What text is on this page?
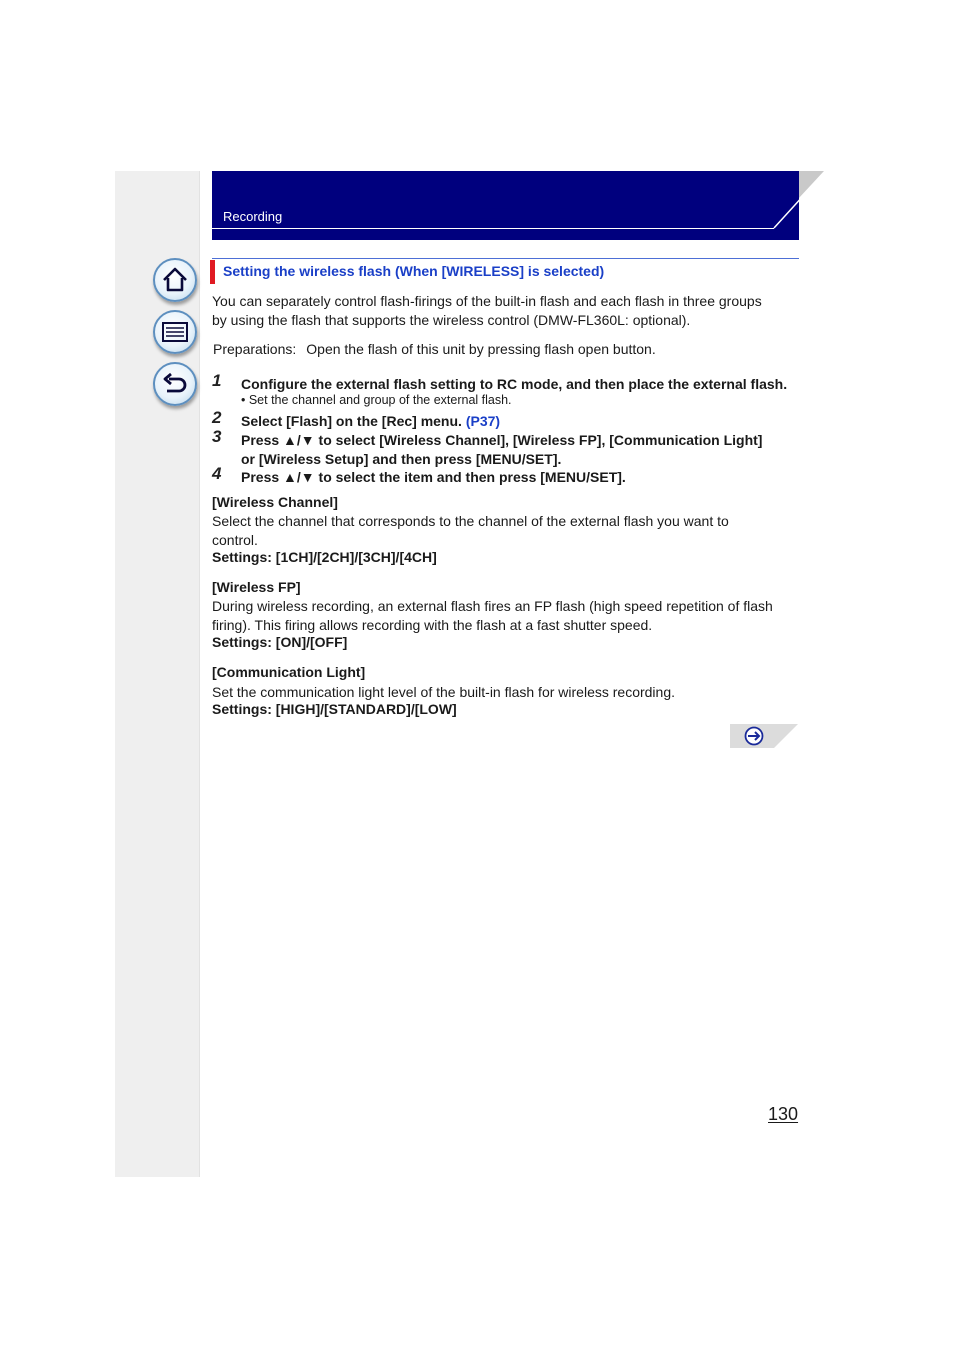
Recording
Setting the wireless flash (When [WIRELESS] is selected)
You can separately control flash-firings of the built-in flash and each flash in three groups
by using the flash that supports the wireless control (DMW-FL360L: optional).
Preparations: Open the flash of this unit by pressing flash open button.
1 Configure the external flash setting to RC mode, and then place the external flash.
• Set the channel and group of the external flash.
2 Select [Flash] on the [Rec] menu. (P37)
3 Press ▲/▼ to select [Wireless Channel], [Wireless FP], [Communication Light]
or [Wireless Setup] and then press [MENU/SET].
4 Press ▲/▼ to select the item and then press [MENU/SET].
[Wireless Channel]
Select the channel that corresponds to the channel of the external flash you want to
control.
Settings: [1CH]/[2CH]/[3CH]/[4CH]
[Wireless FP]
During wireless recording, an external flash fires an FP flash (high speed repetition of flash
firing). This firing allows recording with the flash at a fast shutter speed.
Settings: [ON]/[OFF]
[Communication Light]
Set the communication light level of the built-in flash for wireless recording.
Settings: [HIGH]/[STANDARD]/[LOW]
130
